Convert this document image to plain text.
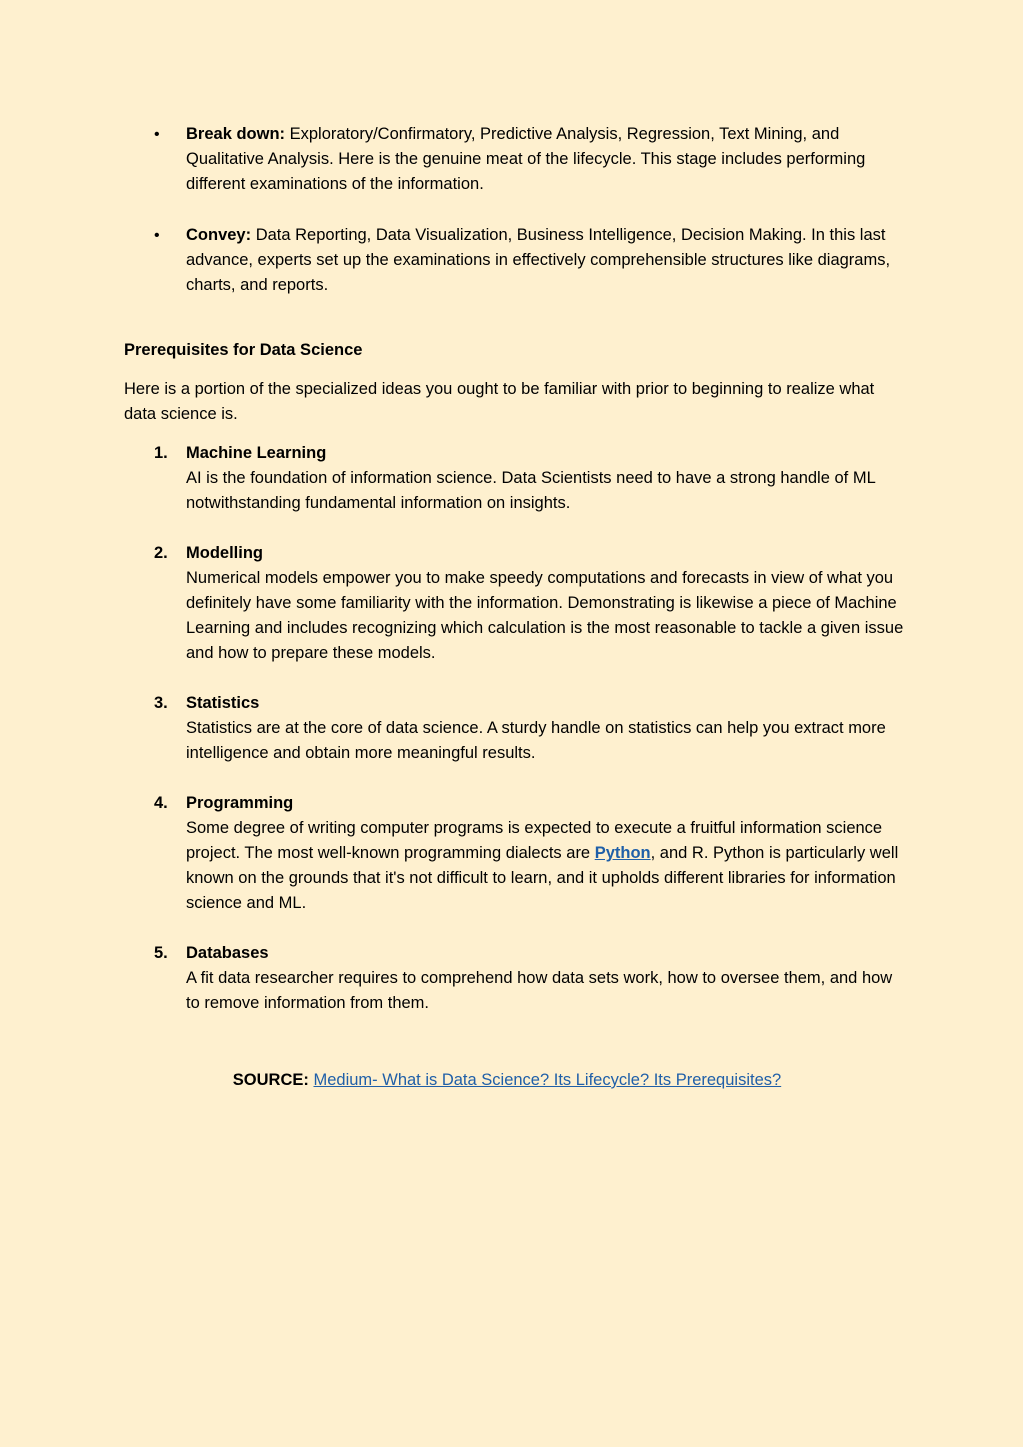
• Break down: Exploratory/Confirmatory, Predictive Analysis, Regression, Text Mining, and Qualitative Analysis. Here is the genuine meat of the lifecycle. This stage includes performing different examinations of the information.
• Convey: Data Reporting, Data Visualization, Business Intelligence, Decision Making. In this last advance, experts set up the examinations in effectively comprehensible structures like diagrams, charts, and reports.
Prerequisites for Data Science

Here is a portion of the specialized ideas you ought to be familiar with prior to beginning to realize what data science is.

1. Machine Learning
AI is the foundation of information science. Data Scientists need to have a strong handle of ML notwithstanding fundamental information on insights.
2. Modelling
Numerical models empower you to make speedy computations and forecasts in view of what you definitely have some familiarity with the information. Demonstrating is likewise a piece of Machine Learning and includes recognizing which calculation is the most reasonable to tackle a given issue and how to prepare these models.
3. Statistics
Statistics are at the core of data science. A sturdy handle on statistics can help you extract more intelligence and obtain more meaningful results.
4. Programming
Some degree of writing computer programs is expected to execute a fruitful information science project. The most well-known programming dialects are Python, and R. Python is particularly well known on the grounds that it's not difficult to learn, and it upholds different libraries for information science and ML.
5. Databases
A fit data researcher requires to comprehend how data sets work, how to oversee them, and how to remove information from them.
SOURCE: Medium- What is Data Science? Its Lifecycle? Its Prerequisites?
